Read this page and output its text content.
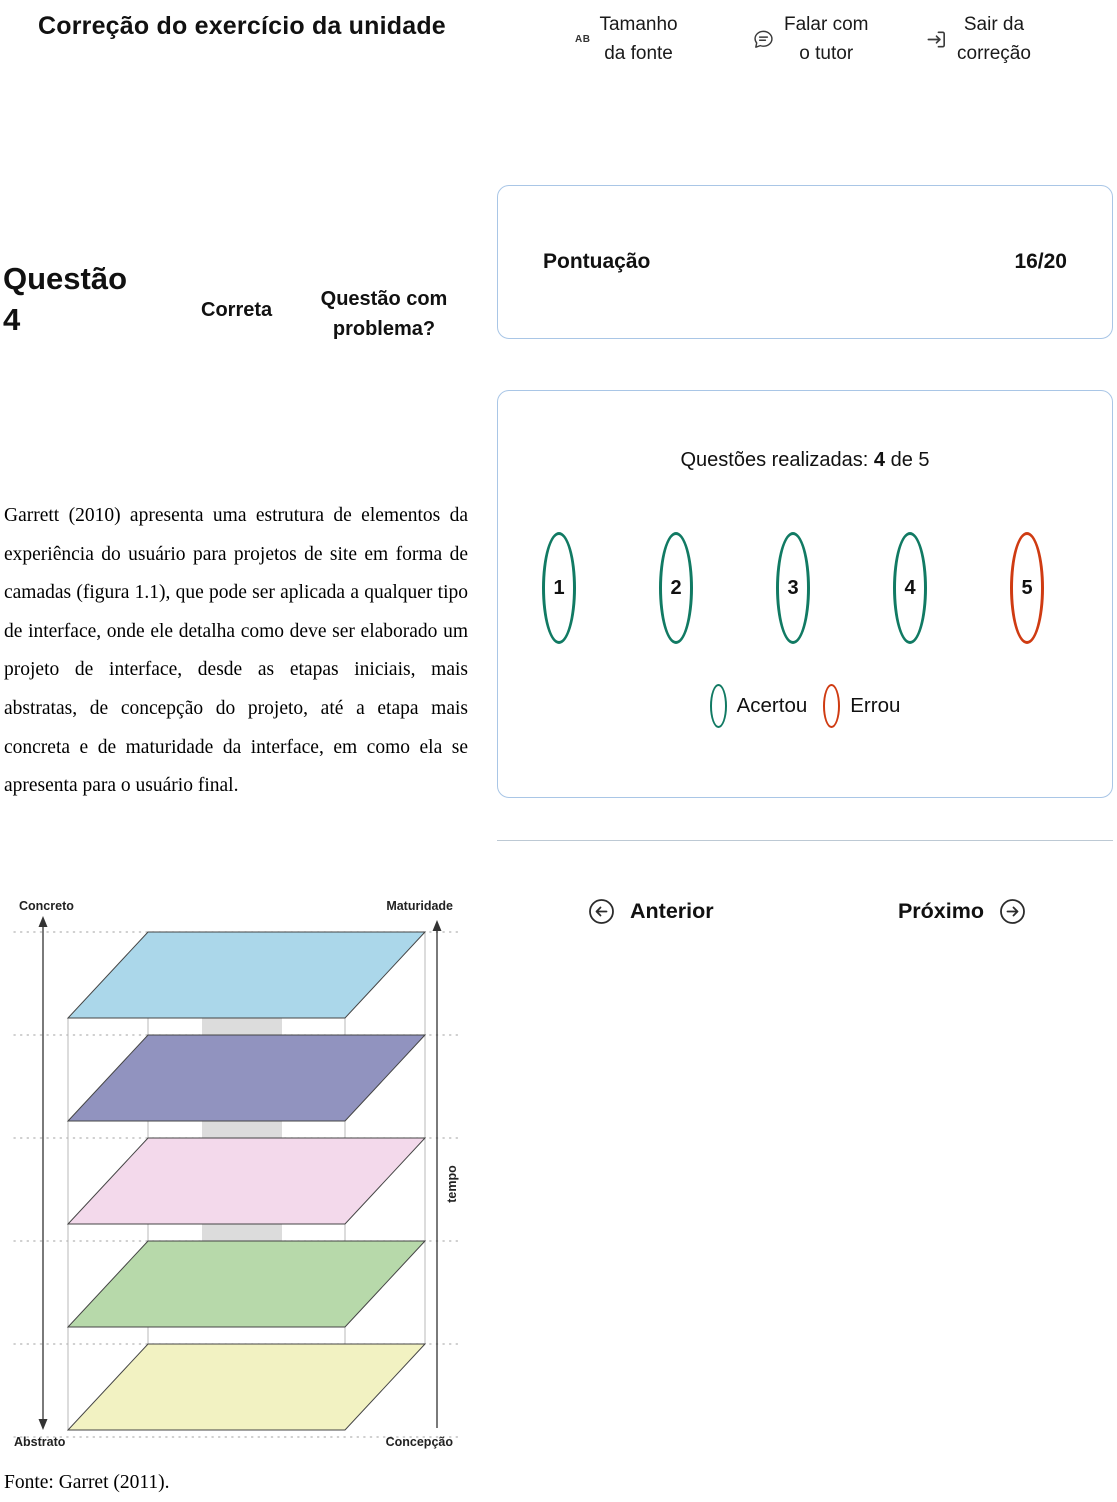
Correção do exercício da unidade	AB
Tamanho
da fonte
Falar com
o tutor
Sair da
correção
Questão
4	Correta	Questão com
problema?
Garrett (2010) apresenta uma estrutura de elementos da experiência do usuário para projetos de site em forma de camadas (figura 1.1), que pode ser aplicada a qualquer tipo de interface, onde ele detalha como deve ser elaborado um projeto de interface, desde as etapas iniciais, mais abstratas, de concepção do projeto, até a etapa mais concreta e de maturidade da interface, em como ela se apresenta para o usuário final.
Concreto	Maturidade
Abstrato	Concepção
tempo
Fonte: Garret (2011).
Pontuação	16/20
Questões realizadas: 4 de 5
1	2	3	4	5
Acertou Errou
Anterior	Próximo
